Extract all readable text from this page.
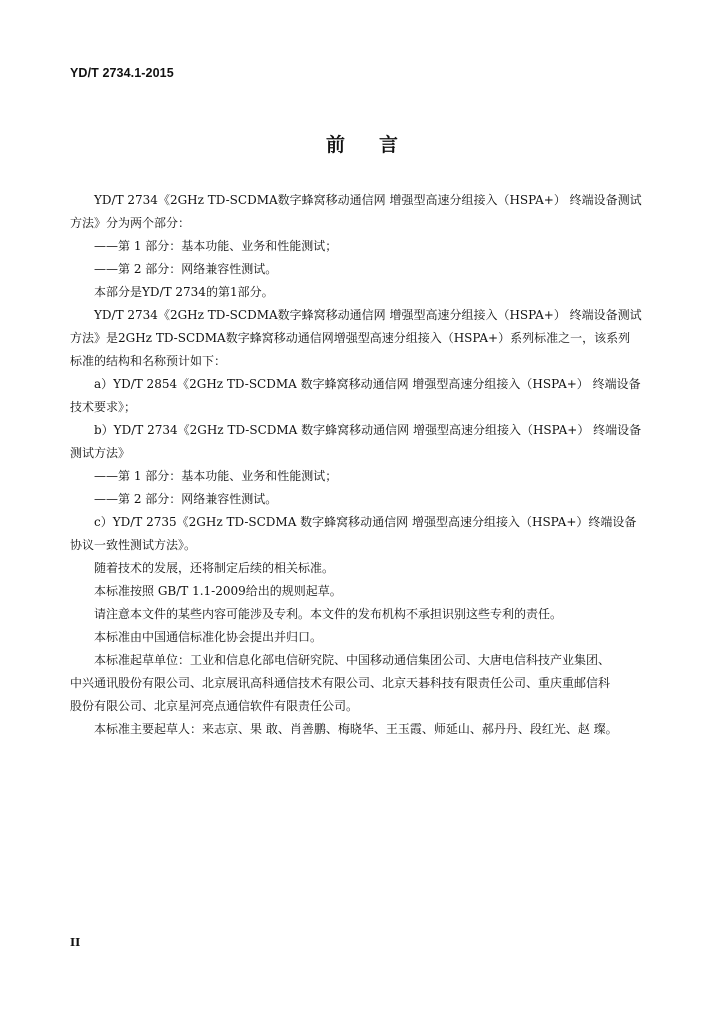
YD/T 2734.1-2015
前言

YD/T 2734《2GHz TD-SCDMA数字蜂窝移动通信网 增强型高速分组接入（HSPA+） 终端设备测试

方法》分为两个部分：

——第 1 部分：基本功能、业务和性能测试；

——第 2 部分：网络兼容性测试。

本部分是YD/T 2734的第1部分。

YD/T 2734《2GHz TD-SCDMA数字蜂窝移动通信网 增强型高速分组接入（HSPA+） 终端设备测试

方法》是2GHz TD-SCDMA数字蜂窝移动通信网增强型高速分组接入（HSPA+）系列标准之一，该系列

标准的结构和名称预计如下：

a）YD/T 2854《2GHz TD-SCDMA 数字蜂窝移动通信网 增强型高速分组接入（HSPA+） 终端设备

技术要求》；

b）YD/T 2734《2GHz TD-SCDMA 数字蜂窝移动通信网 增强型高速分组接入（HSPA+） 终端设备

测试方法》

——第 1 部分：基本功能、业务和性能测试；

——第 2 部分：网络兼容性测试。

c）YD/T 2735《2GHz TD-SCDMA 数字蜂窝移动通信网 增强型高速分组接入（HSPA+）终端设备

协议一致性测试方法》。

随着技术的发展，还将制定后续的相关标准。

本标准按照 GB/T 1.1-2009给出的规则起草。

请注意本文件的某些内容可能涉及专利。本文件的发布机构不承担识别这些专利的责任。

本标准由中国通信标准化协会提出并归口。

本标准起草单位：工业和信息化部电信研究院、中国移动通信集团公司、大唐电信科技产业集团、

中兴通讯股份有限公司、北京展讯高科通信技术有限公司、北京天碁科技有限责任公司、重庆重邮信科

股份有限公司、北京星河亮点通信软件有限责任公司。

本标准主要起草人：来志京、果 敢、肖善鹏、梅晓华、王玉霞、师延山、郝丹丹、段红光、赵 璨。

II
